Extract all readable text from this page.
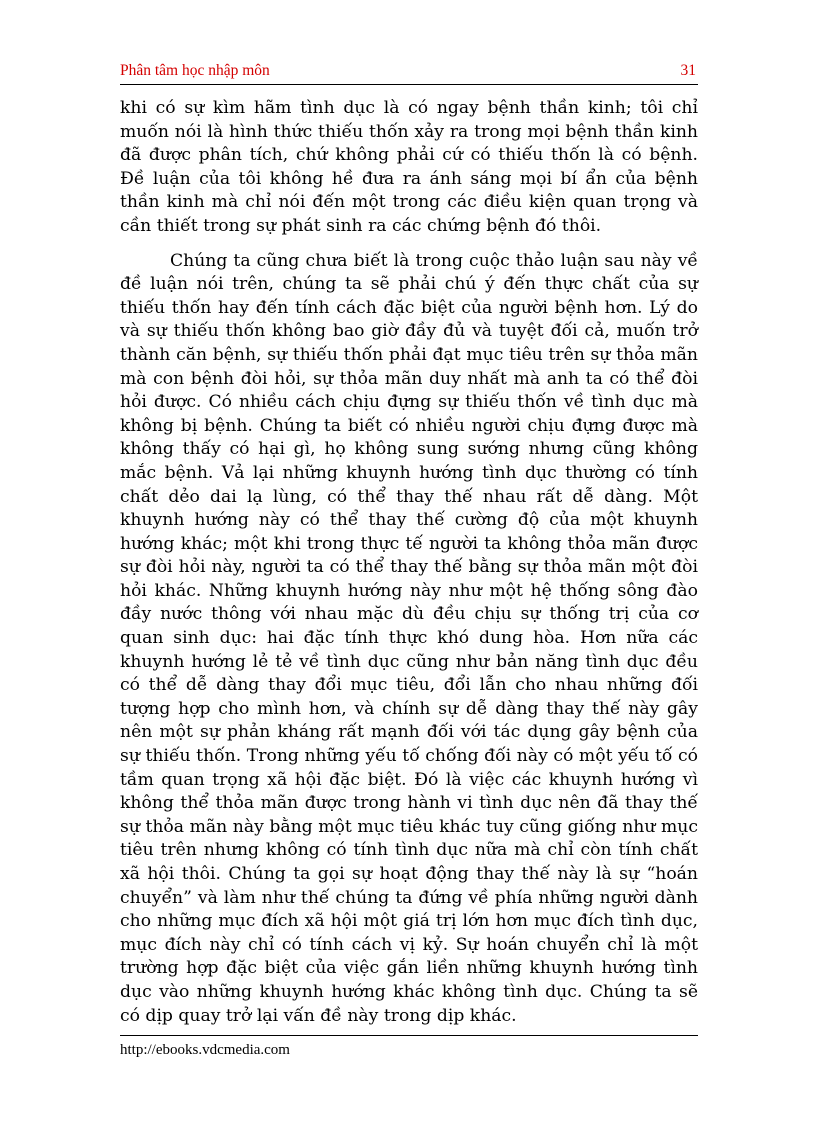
Phân tâm học nhập môn	31

khi có sự kìm hãm tình dục là có ngay bệnh thần kinh; tôi chỉ muốn nói là hình thức thiếu thốn xảy ra trong mọi bệnh thần kinh đã được phân tích, chứ không phải cứ có thiếu thốn là có bệnh. Đề luận của tôi không hề đưa ra ánh sáng mọi bí ẩn của bệnh thần kinh mà chỉ nói đến một trong các điều kiện quan trọng và cần thiết trong sự phát sinh ra các chứng bệnh đó thôi.

Chúng ta cũng chưa biết là trong cuộc thảo luận sau này về đề luận nói trên, chúng ta sẽ phải chú ý đến thực chất của sự thiếu thốn hay đến tính cách đặc biệt của người bệnh hơn. Lý do và sự thiếu thốn không bao giờ đầy đủ và tuyệt đối cả, muốn trở thành căn bệnh, sự thiếu thốn phải đạt mục tiêu trên sự thỏa mãn mà con bệnh đòi hỏi, sự thỏa mãn duy nhất mà anh ta có thể đòi hỏi được. Có nhiều cách chịu đựng sự thiếu thốn về tình dục mà không bị bệnh. Chúng ta biết có nhiều người chịu đựng được mà không thấy có hại gì, họ không sung sướng nhưng cũng không mắc bệnh. Vả lại những khuynh hướng tình dục thường có tính chất dẻo dai lạ lùng, có thể thay thế nhau rất dễ dàng. Một khuynh hướng này có thể thay thế cường độ của một khuynh hướng khác; một khi trong thực tế người ta không thỏa mãn được sự đòi hỏi này, người ta có thể thay thế bằng sự thỏa mãn một đòi hỏi khác. Những khuynh hướng này như một hệ thống sông đào đầy nước thông với nhau mặc dù đều chịu sự thống trị của cơ quan sinh dục: hai đặc tính thực khó dung hòa. Hơn nữa các khuynh hướng lẻ tẻ về tình dục cũng như bản năng tình dục đều có thể dễ dàng thay đổi mục tiêu, đổi lẫn cho nhau những đối tượng hợp cho mình hơn, và chính sự dễ dàng thay thế này gây nên một sự phản kháng rất mạnh đối với tác dụng gây bệnh của sự thiếu thốn. Trong những yếu tố chống đối này có một yếu tố có tầm quan trọng xã hội đặc biệt. Đó là việc các khuynh hướng vì không thể thỏa mãn được trong hành vi tình dục nên đã thay thế sự thỏa mãn này bằng một mục tiêu khác tuy cũng giống như mục tiêu trên nhưng không có tính tình dục nữa mà chỉ còn tính chất xã hội thôi. Chúng ta gọi sự hoạt động thay thế này là sự “hoán chuyển” và làm như thế chúng ta đứng về phía những người dành cho những mục đích xã hội một giá trị lớn hơn mục đích tình dục, mục đích này chỉ có tính cách vị kỷ. Sự hoán chuyển chỉ là một trường hợp đặc biệt của việc gắn liền những khuynh hướng tình dục vào những khuynh hướng khác không tình dục. Chúng ta sẽ có dịp quay trở lại vấn đề này trong dịp khác.

http://ebooks.vdcmedia.com
